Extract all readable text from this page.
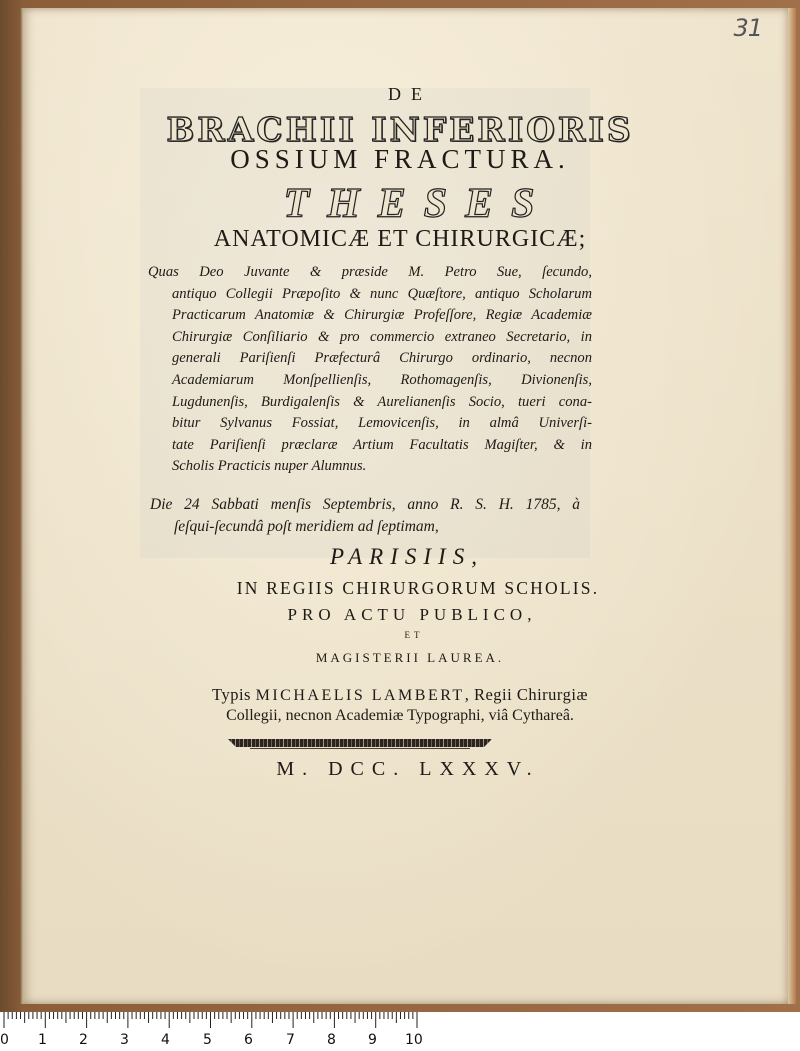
31
DE
BRACHII INFERIORIS
OSSIUM FRACTURA.
THESES
ANATOMICÆ ET CHIRURGICÆ;
Quas Deo Juvante & præside M. Petro Sue, ſecundo,
antiquo Collegii Præpoſito & nunc Quæſtore, antiquo Scholarum
Practicarum Anatomiæ & Chirurgiæ Profeſſore, Regiæ Academiæ
Chirurgiæ Conſiliario & pro commercio extraneo Secretario, in
generali Pariſienſi Præfecturâ Chirurgo ordinario, necnon
Academiarum Monſpellienſis, Rothomagenſis, Divionenſis,
Lugdunenſis, Burdigalenſis & Aurelianenſis Socio, tueri cona-
bitur Sylvanus Fossiat, Lemovicenſis, in almâ Univerſi-
tate Pariſienſi præclaræ Artium Facultatis Magiſter, & in
Scholis Practicis nuper Alumnus.
Die 24 Sabbati menſis Septembris, anno R. S. H. 1785, à
ſeſqui-ſecundâ poſt meridiem ad ſeptimam,
PARISIIS,
IN REGIIS CHIRURGORUM SCHOLIS.
PRO ACTU PUBLICO,
ET
MAGISTERII LAUREA.
Typis MICHAELIS LAMBERT, Regii Chirurgiæ
Collegii, necnon Academiæ Typographi, viâ Cythareâ.
M. DCC. LXXXV.
0 1 2 3 4 5 6 7 8 9 10
